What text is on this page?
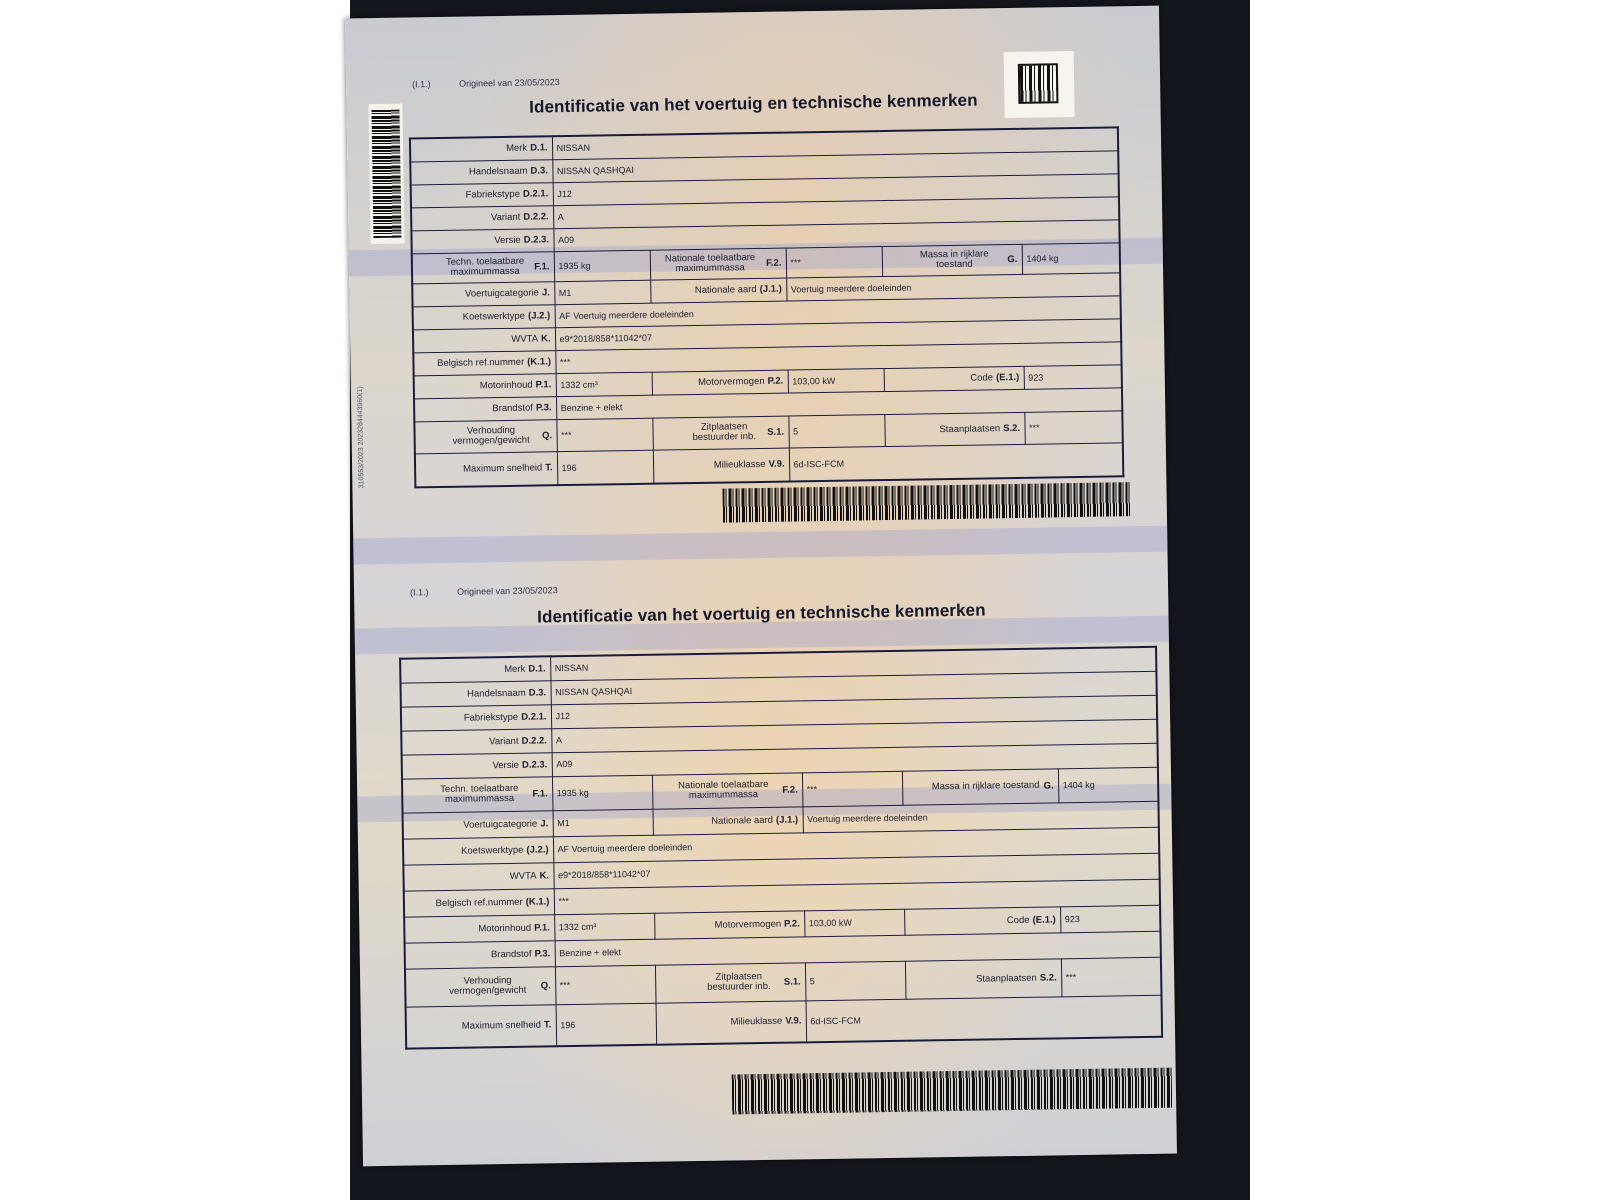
310553/2023 2023284443960(1)
(I.1.)	Origineel van 23/05/2023
Identificatie van het voertuig en technische kenmerken
Merk D.1.	NISSAN				
Handelsnaam D.3.	NISSAN QASHQAI				
Fabriekstype D.2.1.	J12				
Variant D.2.2.	A				
Versie D.2.3.	A09				
Techn. toelaatbare maximummassa F.1.	1935 kg	Nationale toelaatbare maximummassa F.2.	***	Massa in rijklare toestand G.	1404 kg
Voertuigcategorie J.	M1	Nationale aard (J.1.)	Voertuig meerdere doeleinden		
Koetswerktype (J.2.)	AF Voertuig meerdere doeleinden				
WVTA K.	e9*2018/858*11042*07				
Belgisch ref.nummer (K.1.)	***				
Motorinhoud P.1.	1332 cm³	Motorvermogen P.2.	103,00 kW	Code (E.1.)	923
Brandstof P.3.	Benzine + elekt				
Verhouding vermogen/gewicht Q.	***	Zitplaatsen bestuurder inb. S.1.	5	Staanplaatsen S.2.	***
Maximum snelheid T.	196	Milieuklasse V.9.	6d-ISC-FCM		
(I.1.)	Origineel van 23/05/2023
Identificatie van het voertuig en technische kenmerken
Merk D.1.	NISSAN				
Handelsnaam D.3.	NISSAN QASHQAI				
Fabriekstype D.2.1.	J12				
Variant D.2.2.	A				
Versie D.2.3.	A09				
Techn. toelaatbare maximummassa F.1.	1935 kg	Nationale toelaatbare maximummassa F.2.	***	Massa in rijklare toestand G.	1404 kg
Voertuigcategorie J.	M1	Nationale aard (J.1.)	Voertuig meerdere doeleinden		
Koetswerktype (J.2.)	AF Voertuig meerdere doeleinden				
WVTA K.	e9*2018/858*11042*07				
Belgisch ref.nummer (K.1.)	***				
Motorinhoud P.1.	1332 cm³	Motorvermogen P.2.	103,00 kW	Code (E.1.)	923
Brandstof P.3.	Benzine + elekt				
Verhouding vermogen/gewicht Q.	***	Zitplaatsen bestuurder inb. S.1.	5	Staanplaatsen S.2.	***
Maximum snelheid T.	196	Milieuklasse V.9.	6d-ISC-FCM		
